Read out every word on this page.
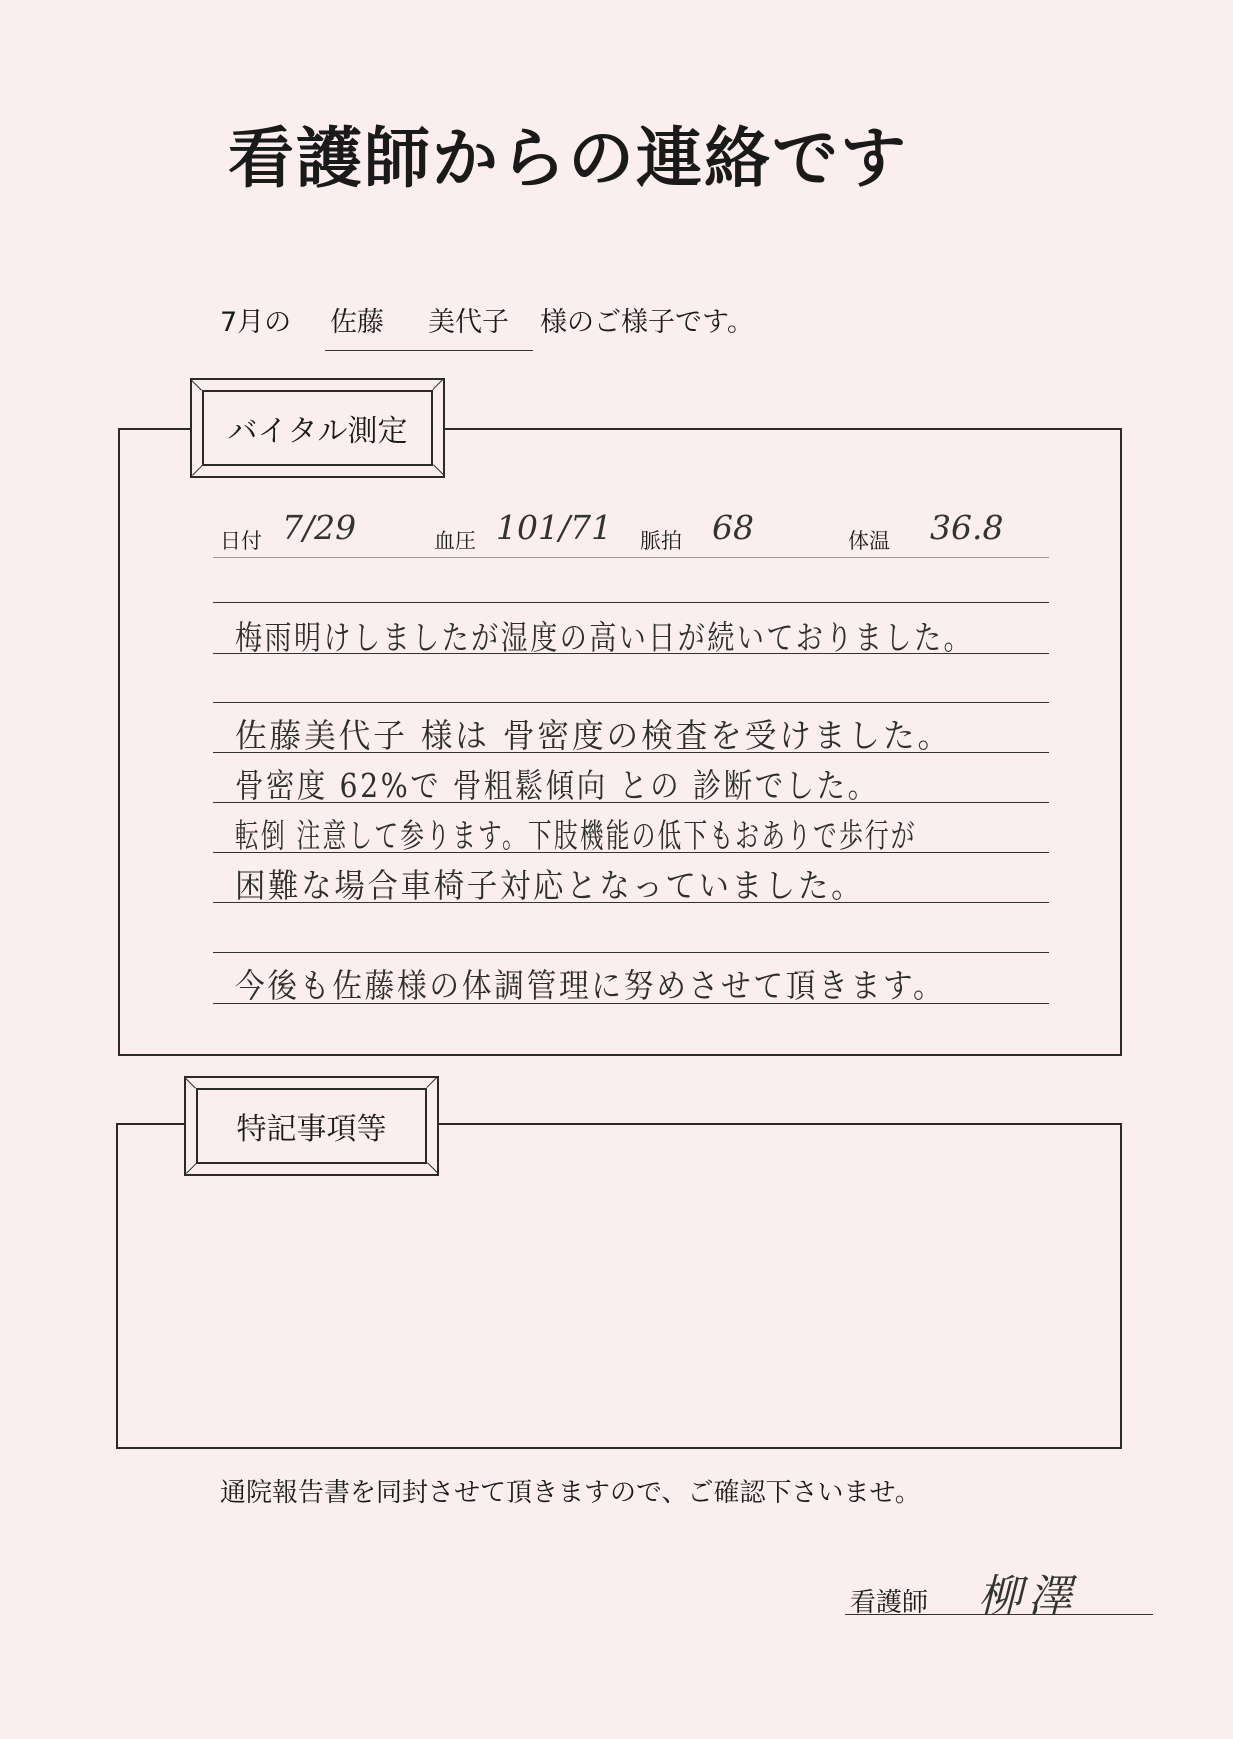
看護師からの連絡です
7月の 佐藤 美代子 様のご様子です。
バイタル測定
日付 7/29	血圧 101/71 脈拍 68	体温 36.8
梅雨明けしましたが湿度の高い日が続いておりました。
佐藤美代子 様は 骨密度の検査を受けました。
骨密度 62%で 骨粗鬆傾向 との 診断でした。
転倒 注意して参ります。下肢機能の低下もおありで歩行が
困難な場合車椅子対応となっていました。
今後も佐藤様の体調管理に努めさせて頂きます。
特記事項等
通院報告書を同封させて頂きますので、ご確認下さいませ。
看護師 柳澤
